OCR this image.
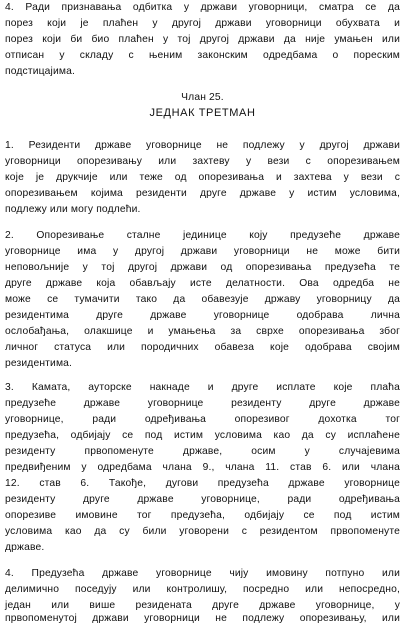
4. Ради признавања одбитка у држави уговорници, сматра се да
порез који је плаћен у другој држави уговорници обухвата и
порез који би био плаћен у тој другој држави да није умањен или
отписан у складу с њеним законским одредбама о пореским
подстицајима.
Члан 25.
ЈЕДНАК ТРЕТМАН
1. Резиденти државе уговорнице не подлежу у другој држави
уговорници опорезивању или захтеву у вези с опорезивањем
које је друкчије или теже од опорезивања и захтева у вези с
опорезивањем којима резиденти друге државе у истим условима,
подлежу или могу подлећи.
2. Опорезивање сталне јединице коју предузеће државе
уговорнице има у другој држави уговорници не може бити
неповољније у тој другој држави од опорезивања предузећа те
друге државе која обављају исте делатности. Ова одредба не
може се тумачити тако да обавезује државу уговорницу да
резидентима друге државе уговорнице одобрава лична
ослобађања, олакшице и умањења за сврхе опорезивања због
личног статуса или породичних обавеза које одобрава својим
резидентима.
3. Камата, ауторске накнаде и друге исплате које плаћа
предузеће државе уговорнице резиденту друге државе
уговорнице, ради одређивања опорезивог дохотка тог
предузећа, одбијају се под истим условима као да су исплаћене
резиденту првопоменуте државе, осим у случајевима
предвиђеним у одредбама члана 9., члана 11. став 6. или члана
12. став 6. Такође, дугови предузећа државе уговорнице
резиденту друге државе уговорнице, ради одређивања
опорезиве имовине тог предузећа, одбијају се под истим
условима као да су били уговорени с резидентом првопоменуте
државе.
4. Предузећа државе уговорнице чију имовину потпуно или
делимично поседују или контролишу, посредно или непосредно,
један или више резидената друге државе уговорнице, у
првопоменутој држави уговорници не подлежу опорезивању, или
